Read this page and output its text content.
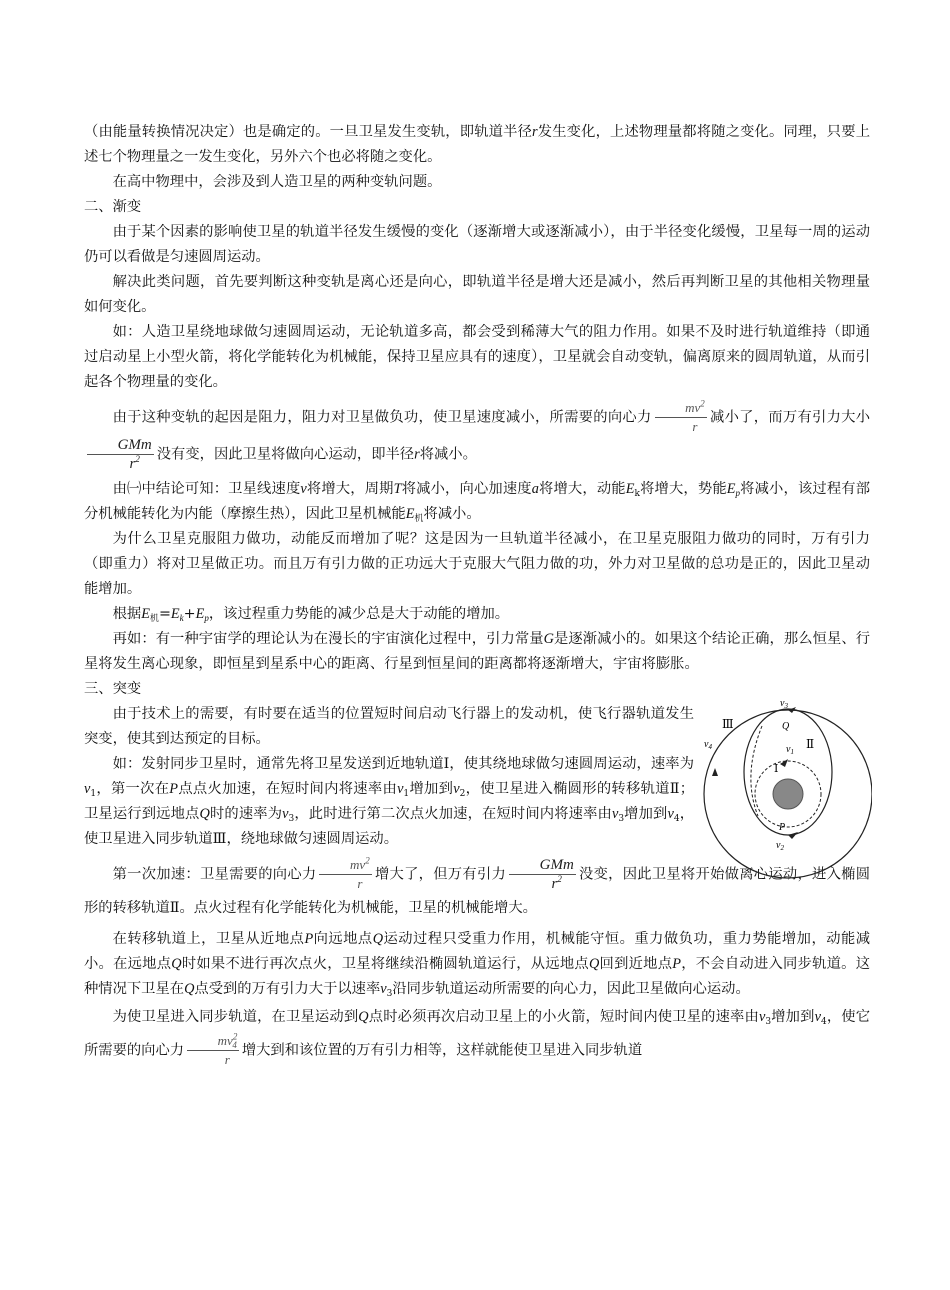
（由能量转换情况决定）也是确定的。一旦卫星发生变轨，即轨道半径r发生变化，上述物理量都将随之变化。同理，只要上述七个物理量之一发生变化，另外六个也必将随之变化。

在高中物理中，会涉及到人造卫星的两种变轨问题。

二、渐变

由于某个因素的影响使卫星的轨道半径发生缓慢的变化（逐渐增大或逐渐减小），由于半径变化缓慢，卫星每一周的运动仍可以看做是匀速圆周运动。

解决此类问题，首先要判断这种变轨是离心还是向心，即轨道半径是增大还是减小，然后再判断卫星的其他相关物理量如何变化。

如：人造卫星绕地球做匀速圆周运动，无论轨道多高，都会受到稀薄大气的阻力作用。如果不及时进行轨道维持（即通过启动星上小型火箭，将化学能转化为机械能，保持卫星应具有的速度），卫星就会自动变轨，偏离原来的圆周轨道，从而引起各个物理量的变化。

由于这种变轨的起因是阻力，阻力对卫星做负功，使卫星速度减小，所需要的向心力 $\frac{mv^2}{r}$ 减小了，而万有引力大小
$\frac{\text{GMm}}{r^2}$ 没有变，因此卫星将做向心运动，即半径r将减小。

由㈠中结论可知：卫星线速度v将增大，周期T将减小，向心加速度a将增大，动能$E_k$将增大，势能$E_p$将减小，该过程有部分机械能转化为内能（摩擦生热），因此卫星机械能$E_机$将减小。

为什么卫星克服阻力做功，动能反而增加了呢？这是因为一旦轨道半径减小，在卫星克服阻力做功的同时，万有引力（即重力）将对卫星做正功。而且万有引力做的正功远大于克服大气阻力做的功，外力对卫星做的总功是正的，因此卫星动能增加。

根据$E_机=E_k+E_p$，该过程重力势能的减少总是大于动能的增加。

再如：有一种宇宙学的理论认为在漫长的宇宙演化过程中，引力常量G是逐渐减小的。如果这个结论正确，那么恒星、行星将发生离心现象，即恒星到星系中心的距离、行星到恒星间的距离都将逐渐增大，宇宙将膨胀。

三、突变

由于技术上的需要，有时要在适当的位置短时间启动飞行器上的发动机，使飞行器轨道发生突变，使其到达预定的目标。

如：发射同步卫星时，通常先将卫星发送到近地轨道Ⅰ，使其绕地球做匀速圆周运动，速率为$v_1$，第一次在P点点火加速，在短时间内将速率由$v_1$增加到$v_2$，使卫星进入椭圆形的转移轨道Ⅱ；卫星运行到远地点Q时的速率为$v_3$，此时进行第二次点火加速，在短时间内将速率由$v_3$增加到$v_4$，使卫星进入同步轨道Ⅲ，绕地球做匀速圆周运动。

$v_3$
Ⅲ	Q
Ⅱ
$v_4$	$v_1$
Ⅰ
P
$v_2$

第一次加速：卫星需要的向心力 $\frac{mv^2}{r}$ 增大了，但万有引力 $\frac{\text{GMm}}{r^2}$ 没变，因此卫星将开始做离心运动，进入椭圆形的转移轨道Ⅱ。点火过程有化学能转化为机械能，卫星的机械能增大。

在转移轨道上，卫星从近地点P向远地点Q运动过程只受重力作用，机械能守恒。重力做负功，重力势能增加，动能减小。在远地点Q时如果不进行再次点火，卫星将继续沿椭圆轨道运行，从远地点Q回到近地点P，不会自动进入同步轨道。这种情况下卫星在Q点受到的万有引力大于以速率$v_3$沿同步轨道运动所需要的向心力，因此卫星做向心运动。

为使卫星进入同步轨道，在卫星运动到Q点时必须再次启动卫星上的小火箭，短时间内使卫星的速率由$v_3$增加到$v_4$，使它所需要的向心力 $\frac{mv^2_4}{r}$ 增大到和该位置的万有引力相等，这样就能使卫星进入同步轨道
